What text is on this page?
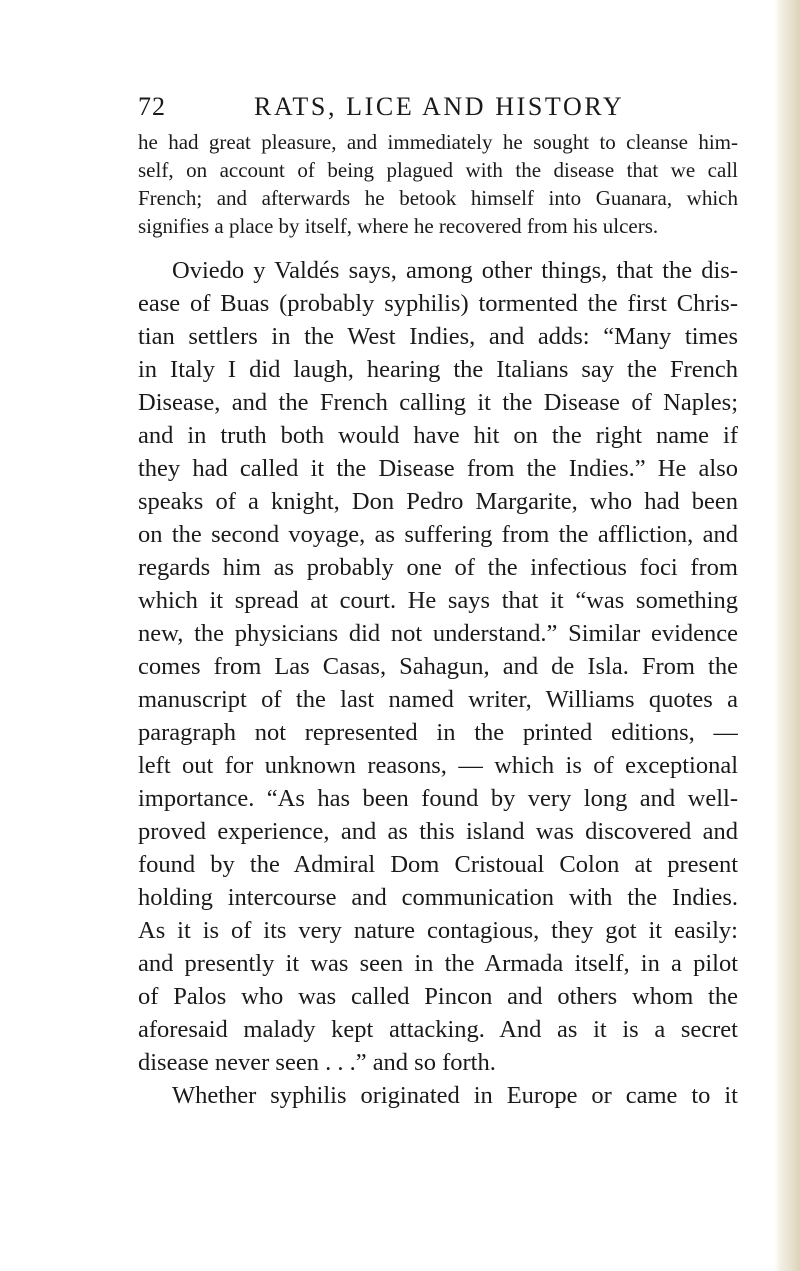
72	RATS, LICE AND HISTORY
he had great pleasure, and immediately he sought to cleanse him-
self, on account of being plagued with the disease that we call
French; and afterwards he betook himself into Guanara, which
signifies a place by itself, where he recovered from his ulcers.
Oviedo y Valdés says, among other things, that the dis-
ease of Buas (probably syphilis) tormented the first Chris-
tian settlers in the West Indies, and adds: “Many times
in Italy I did laugh, hearing the Italians say the French
Disease, and the French calling it the Disease of Naples;
and in truth both would have hit on the right name if
they had called it the Disease from the Indies.” He also
speaks of a knight, Don Pedro Margarite, who had been
on the second voyage, as suffering from the affliction, and
regards him as probably one of the infectious foci from
which it spread at court. He says that it “was something
new, the physicians did not understand.” Similar evidence
comes from Las Casas, Sahagun, and de Isla. From the
manuscript of the last named writer, Williams quotes a
paragraph not represented in the printed editions, —
left out for unknown reasons, — which is of exceptional
importance. “As has been found by very long and well-
proved experience, and as this island was discovered and
found by the Admiral Dom Cristoual Colon at present
holding intercourse and communication with the Indies.
As it is of its very nature contagious, they got it easily:
and presently it was seen in the Armada itself, in a pilot
of Palos who was called Pincon and others whom the
aforesaid malady kept attacking. And as it is a secret
disease never seen . . .” and so forth.
Whether syphilis originated in Europe or came to it
